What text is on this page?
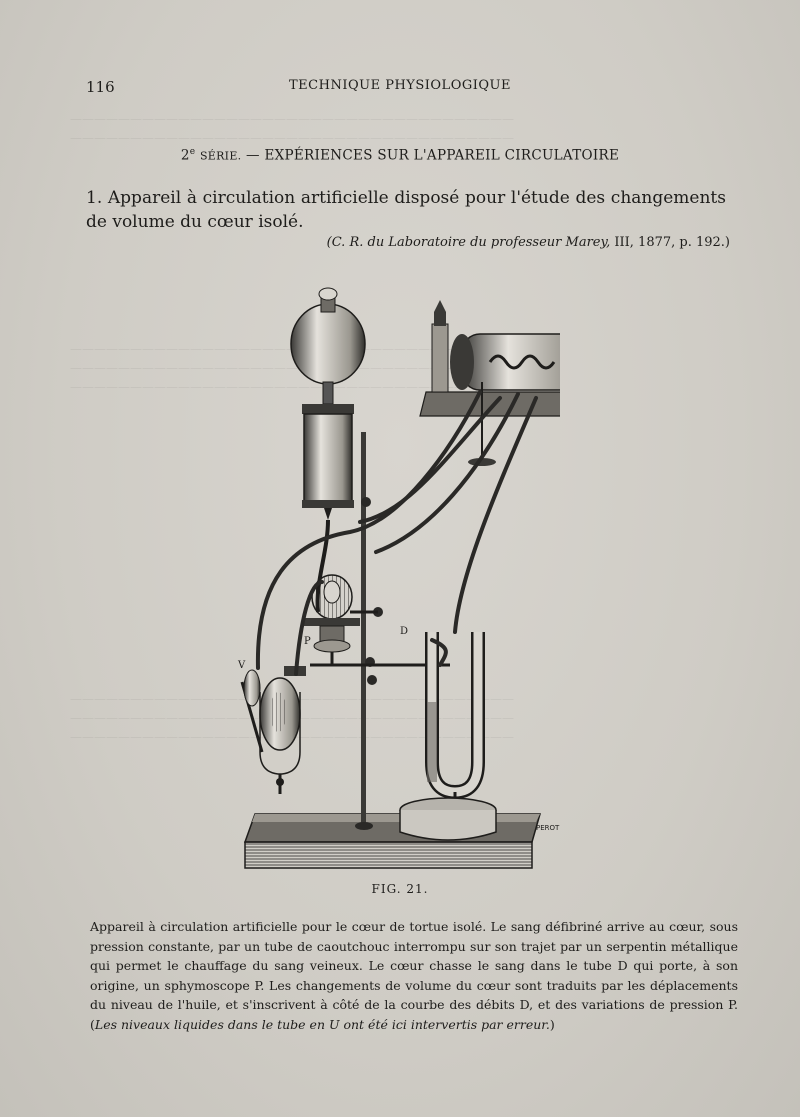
—————————————————————————————————————
—————————————————————————————————————

—————————————————————————————————————
—————————————————————————————————————

116	TECHNIQUE PHYSIOLOGIQUE
2e SÉRIE. — EXPÉRIENCES SUR L'APPAREIL CIRCULATOIRE
1. Appareil à circulation artificielle disposé pour l'étude des changements de volume du cœur isolé.
(C. R. du Laboratoire du professeur Marey, III, 1877, p. 192.)
V
P
D
PEROT
FIG. 21.
Appareil à circulation artificielle pour le cœur de tortue isolé. Le sang défibriné arrive au cœur, sous pression constante, par un tube de caoutchouc interrompu sur son trajet par un serpentin métallique qui permet le chauffage du sang veineux. Le cœur chasse le sang dans le tube D qui porte, à son origine, un sphymoscope P. Les changements de volume du cœur sont traduits par les déplacements du niveau de l'huile, et s'inscrivent à côté de la courbe des débits D, et des variations de pression P. (Les niveaux liquides dans le tube en U ont été ici intervertis par erreur.)
